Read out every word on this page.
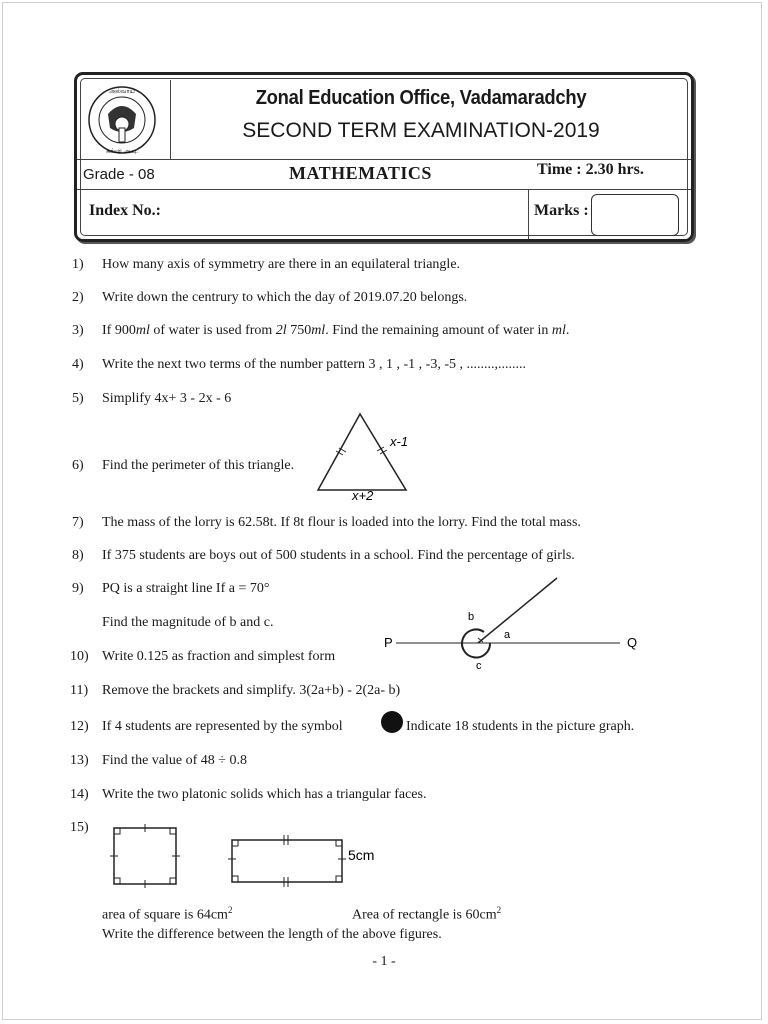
அல்வாய்
கல்வி அ.பு.
Zonal Education Office, Vadamaradchy
SECOND TERM EXAMINATION-2019
Grade - 08	MATHEMATICS	Time : 2.30 hrs.
Index No.:	Marks :
1) How many axis of symmetry are there in an equilateral triangle.
2) Write down the centrury to which the day of 2019.07.20 belongs.
3) If 900ml of water is used from 2l 750ml. Find the remaining amount of water in ml.
4) Write the next two terms of the number pattern 3 , 1 , -1 , -3, -5 , ........,........
5) Simplify 4x+ 3 - 2x - 6
6) Find the perimeter of this triangle.
x-1
x+2
7) The mass of the lorry is 62.58t. If 8t flour is loaded into the lorry. Find the total mass.
8) If 375 students are boys out of 500 students in a school. Find the percentage of girls.
9) PQ is a straight line If a = 70°
Find the magnitude of b and c.
P	Q
a
b
c
10) Write 0.125 as fraction and simplest form
11) Remove the brackets and simplify. 3(2a+b) - 2(2a- b)
12) If 4 students are represented by the symbol	Indicate 18 students in the picture graph.
13) Find the value of 48 ÷ 0.8
14) Write the two platonic solids which has a triangular faces.
15)
5cm
area of square is $64cm^2$	Area of rectangle is $60cm^2$
Write the difference between the length of the above figures.
- 1 -
